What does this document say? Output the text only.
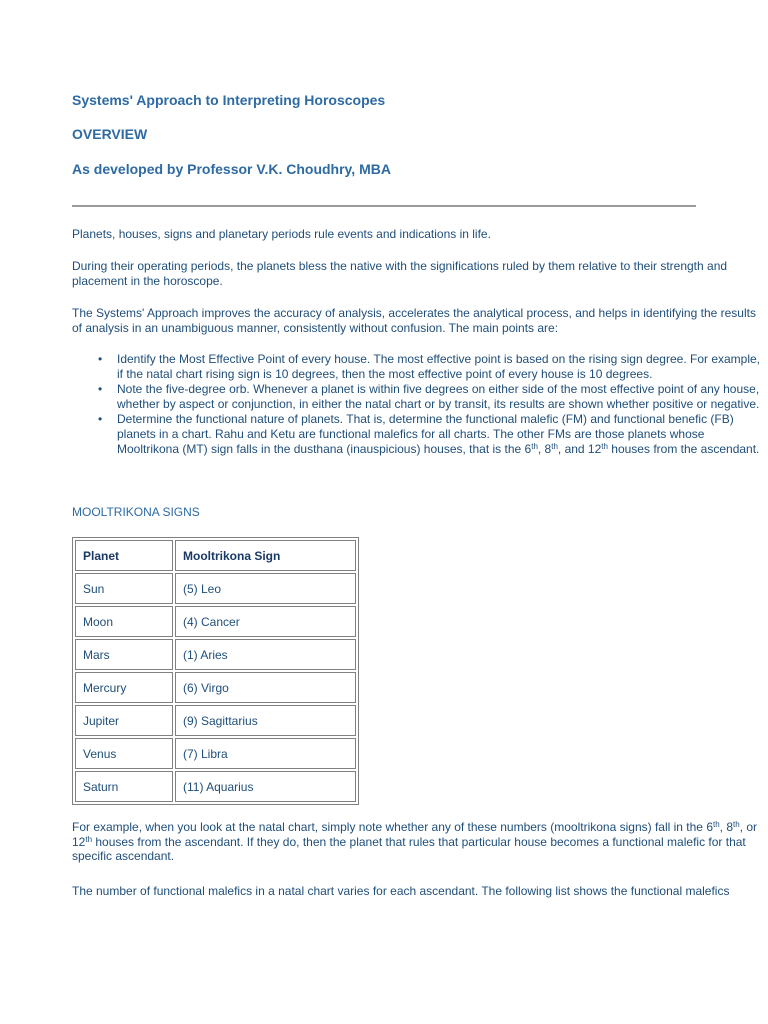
Systems' Approach to Interpreting Horoscopes
OVERVIEW
As developed by Professor V.K. Choudhry, MBA

Planets, houses, signs and planetary periods rule events and indications in life.

During their operating periods, the planets bless the native with the significations ruled by them relative to their strength and placement in the horoscope.

The Systems' Approach improves the accuracy of analysis, accelerates the analytical process, and helps in identifying the results of analysis in an unambiguous manner, consistently without confusion. The main points are:

• Identify the Most Effective Point of every house. The most effective point is based on the rising sign degree. For example, if the natal chart rising sign is 10 degrees, then the most effective point of every house is 10 degrees.
• Note the five-degree orb. Whenever a planet is within five degrees on either side of the most effective point of any house, whether by aspect or conjunction, in either the natal chart or by transit, its results are shown whether positive or negative.
• Determine the functional nature of planets. That is, determine the functional malefic (FM) and functional benefic (FB) planets in a chart. Rahu and Ketu are functional malefics for all charts. The other FMs are those planets whose Mooltrikona (MT) sign falls in the dusthana (inauspicious) houses, that is the 6th, 8th, and 12th houses from the ascendant.

MOOLTRIKONA SIGNS

Planet	Mooltrikona Sign
Sun	(5) Leo
Moon	(4) Cancer
Mars	(1) Aries
Mercury	(6) Virgo
Jupiter	(9) Sagittarius
Venus	(7) Libra
Saturn	(11) Aquarius

For example, when you look at the natal chart, simply note whether any of these numbers (mooltrikona signs) fall in the 6th, 8th, or 12th houses from the ascendant. If they do, then the planet that rules that particular house becomes a functional malefic for that specific ascendant.

The number of functional malefics in a natal chart varies for each ascendant. The following list shows the functional malefics
